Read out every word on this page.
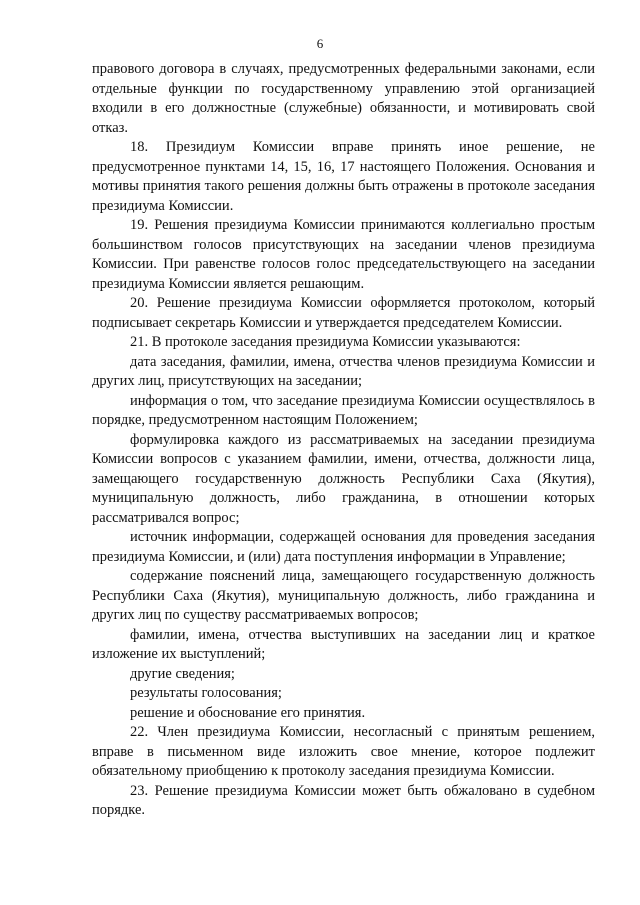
6

правового договора в случаях, предусмотренных федеральными законами, если отдельные функции по государственному управлению этой организацией входили в его должностные (служебные) обязанности, и мотивировать свой отказ.

18. Президиум Комиссии вправе принять иное решение, не предусмотренное пунктами 14, 15, 16, 17 настоящего Положения. Основания и мотивы принятия такого решения должны быть отражены в протоколе заседания президиума Комиссии.

19. Решения президиума Комиссии принимаются коллегиально простым большинством голосов присутствующих на заседании членов президиума Комиссии. При равенстве голосов голос председательствующего на заседании президиума Комиссии является решающим.

20. Решение президиума Комиссии оформляется протоколом, который подписывает секретарь Комиссии и утверждается председателем Комиссии.

21. В протоколе заседания президиума Комиссии указываются:

дата заседания, фамилии, имена, отчества членов президиума Комиссии и других лиц, присутствующих на заседании;

информация о том, что заседание президиума Комиссии осуществлялось в порядке, предусмотренном настоящим Положением;

формулировка каждого из рассматриваемых на заседании президиума Комиссии вопросов с указанием фамилии, имени, отчества, должности лица, замещающего государственную должность Республики Саха (Якутия), муниципальную должность, либо гражданина, в отношении которых рассматривался вопрос;

источник информации, содержащей основания для проведения заседания президиума Комиссии, и (или) дата поступления информации в Управление;

содержание пояснений лица, замещающего государственную должность Республики Саха (Якутия), муниципальную должность, либо гражданина и других лиц по существу рассматриваемых вопросов;

фамилии, имена, отчества выступивших на заседании лиц и краткое изложение их выступлений;

другие сведения;

результаты голосования;

решение и обоснование его принятия.

22. Член президиума Комиссии, несогласный с принятым решением, вправе в письменном виде изложить свое мнение, которое подлежит обязательному приобщению к протоколу заседания президиума Комиссии.

23. Решение президиума Комиссии может быть обжаловано в судебном порядке.
